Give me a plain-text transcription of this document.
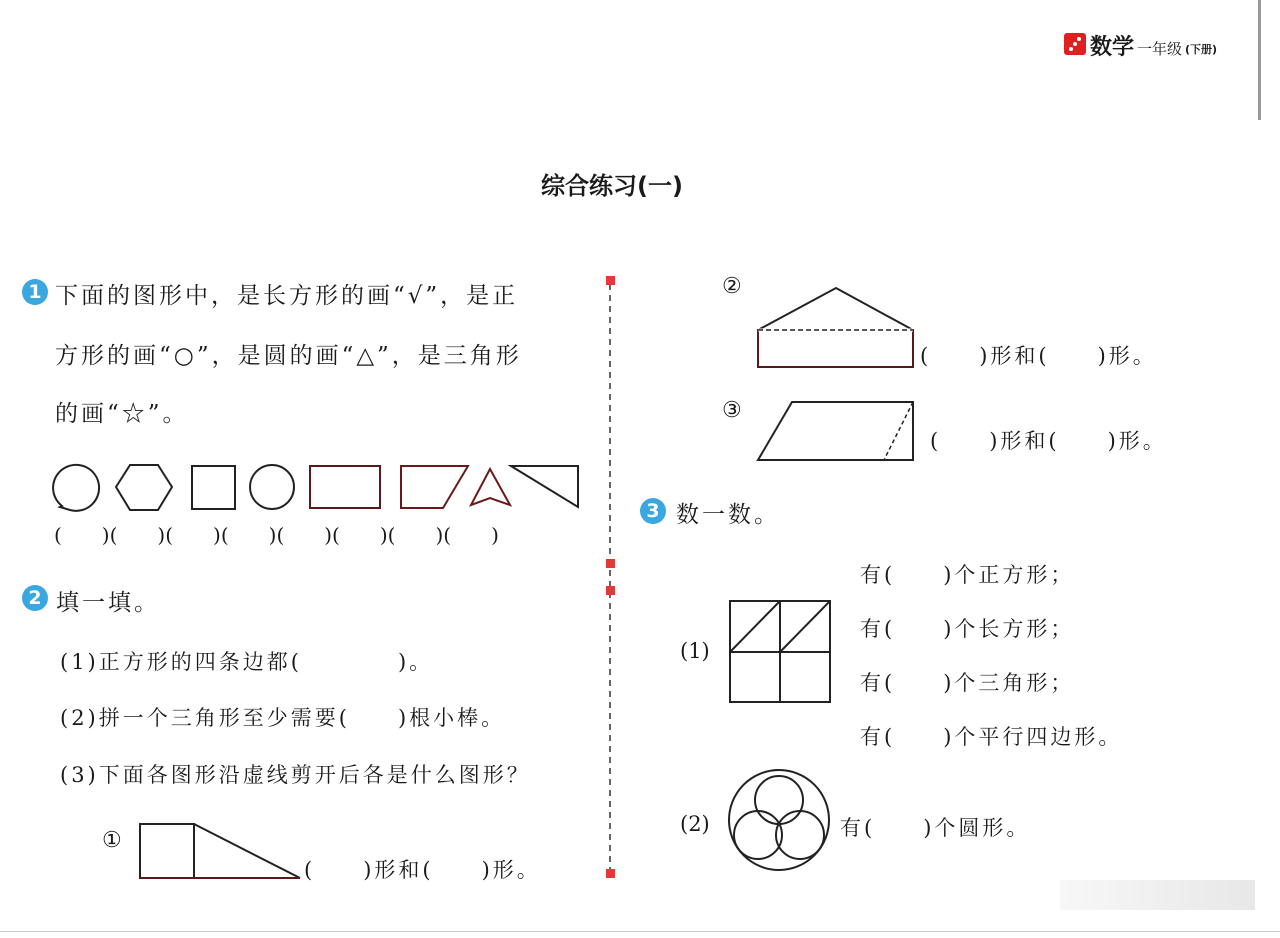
数学 一年级 (下册)
综合练习(一)
1 下面的图形中，是长方形的画“√”，是正
方形的画“○”，是圆的画“△”，是三角形
的画“☆”。
(　　)(　　)(　　)(　　)(　　)(　　)(　　)(　　)
2 填一填。
(1)正方形的四条边都(　　　　)。
(2)拼一个三角形至少需要(　　)根小棒。
(3)下面各图形沿虚线剪开后各是什么图形？
①
(　　)形和(　　)形。
②
(　　)形和(　　)形。
③
(　　)形和(　　)形。
3 数一数。
(1)
有(　　)个正方形；
有(　　)个长方形；
有(　　)个三角形；
有(　　)个平行四边形。
(2)	有(　　)个圆形。
